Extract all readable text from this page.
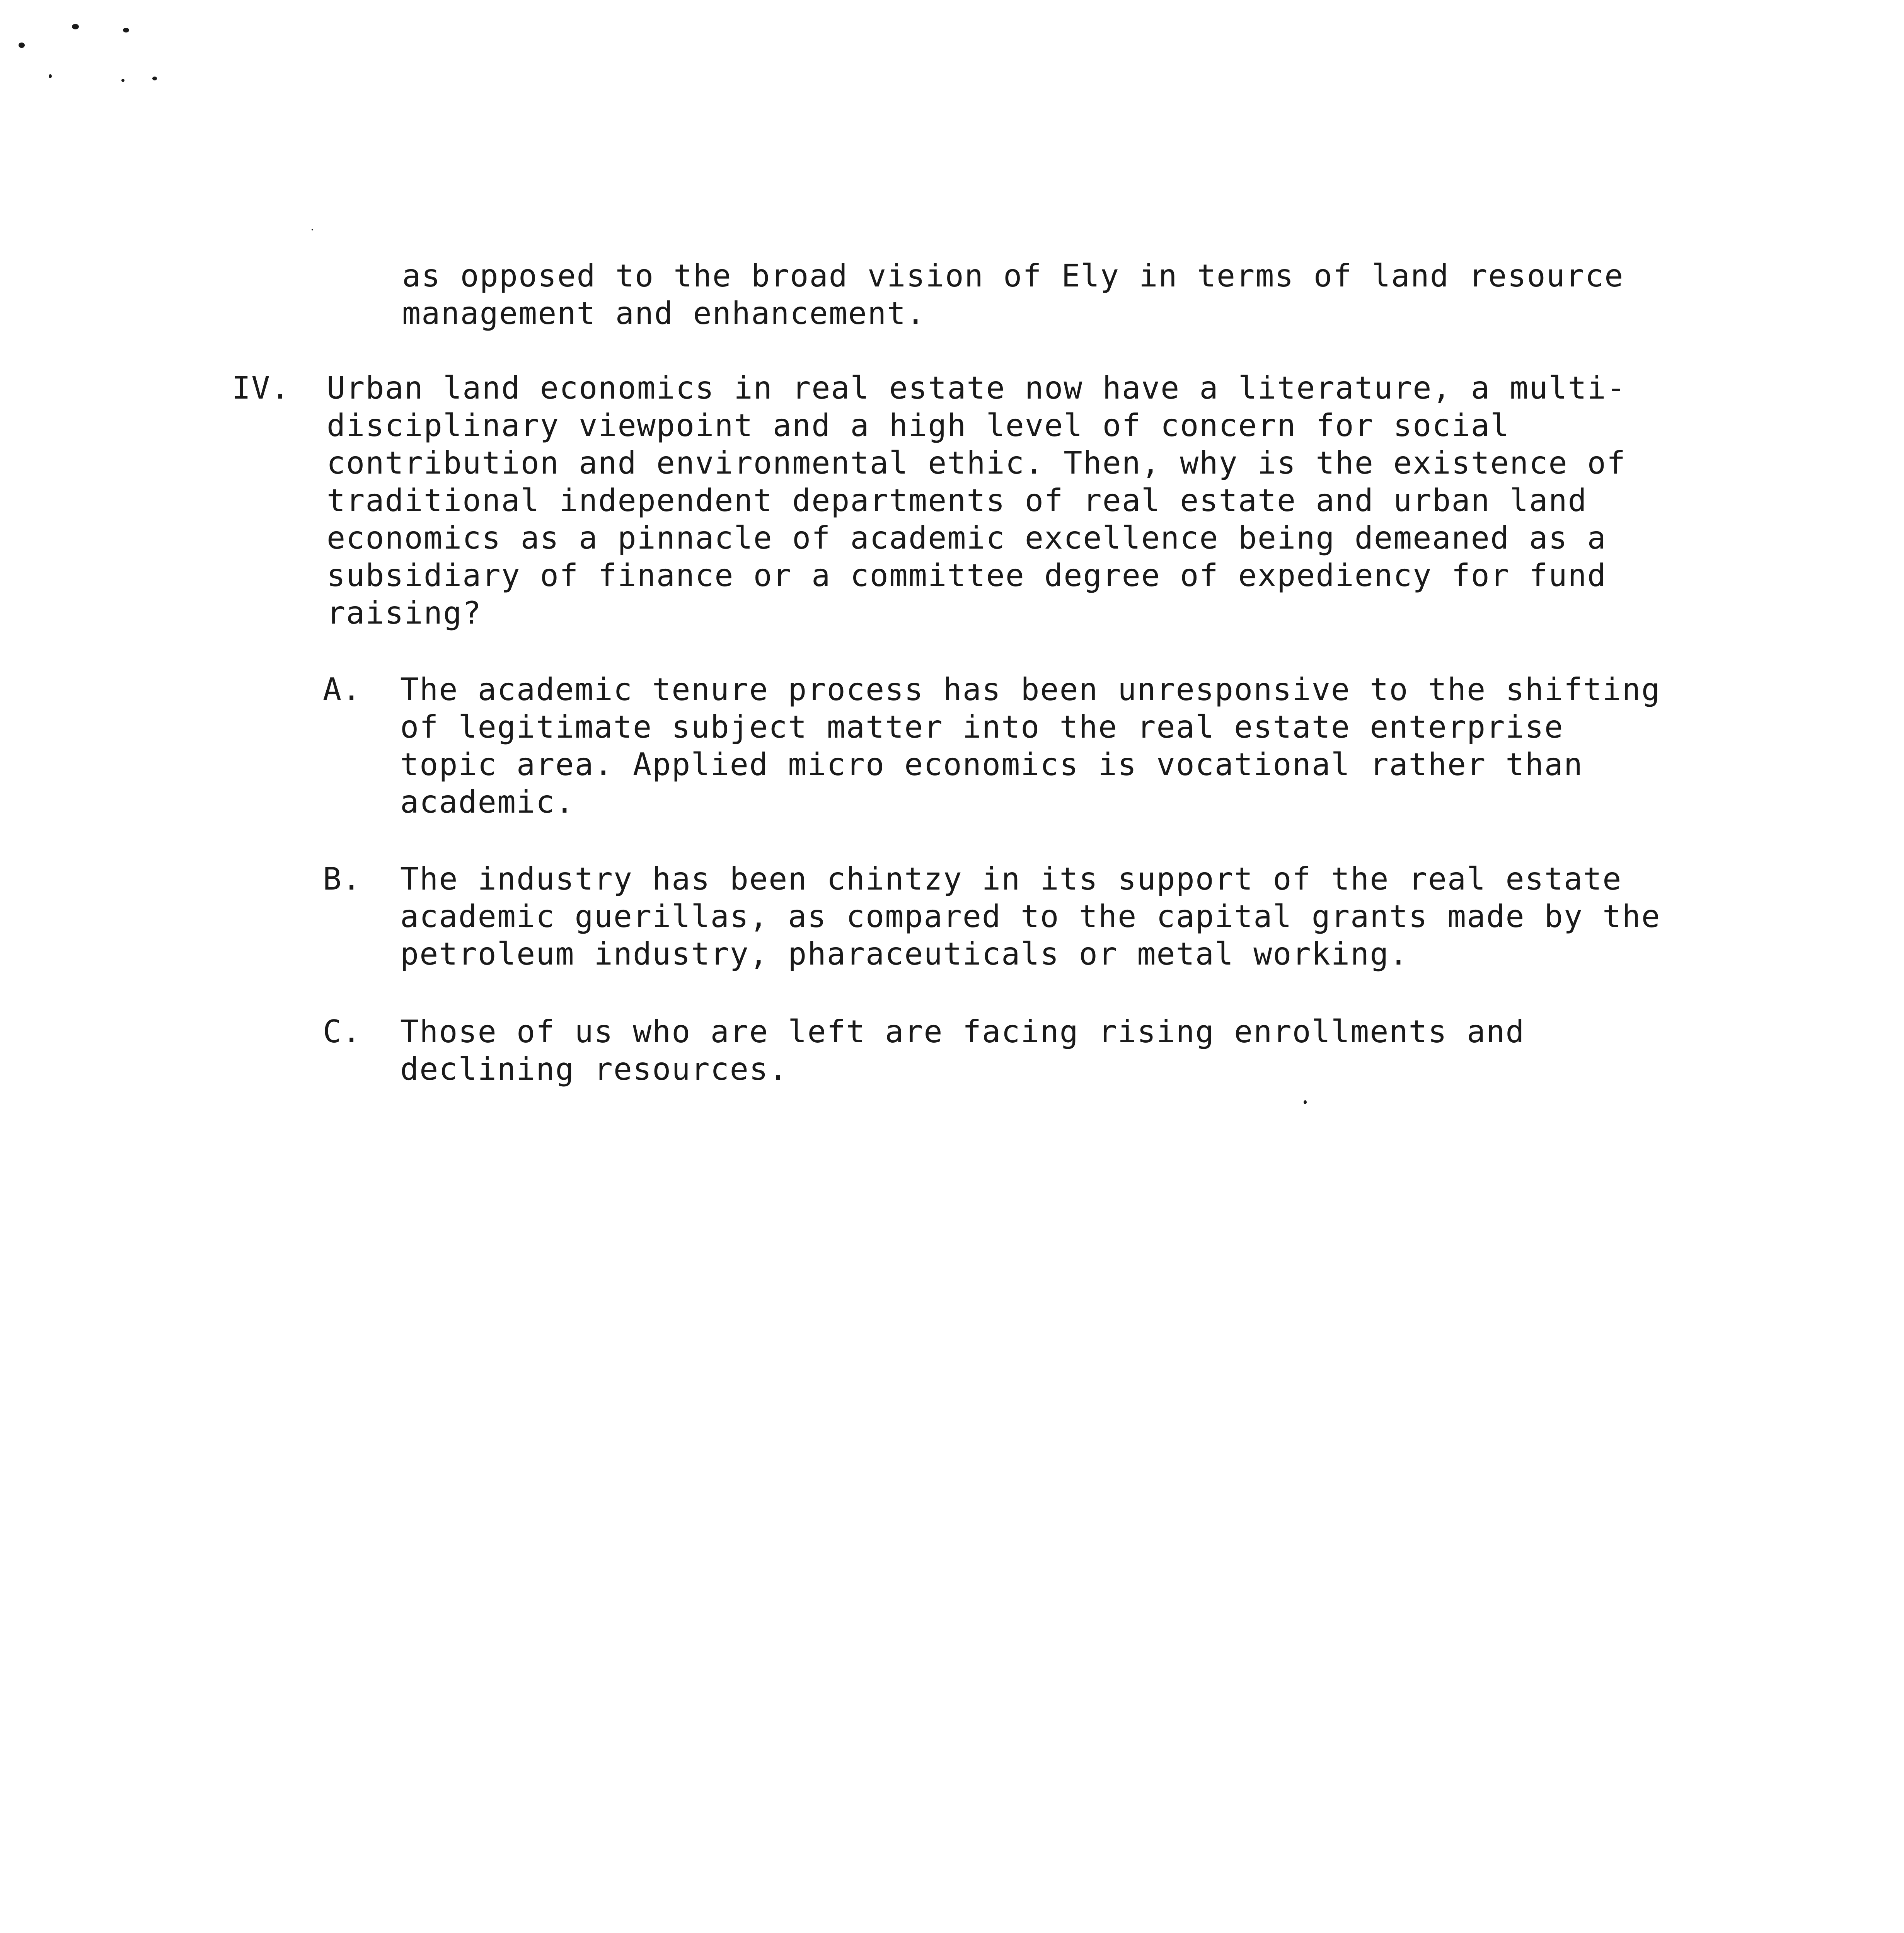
as opposed to the broad vision of Ely in terms of land resource
management and enhancement.

IV. Urban land economics in real estate now have a literature, a multi-
disciplinary viewpoint and a high level of concern for social
contribution and environmental ethic. Then, why is the existence of
traditional independent departments of real estate and urban land
economics as a pinnacle of academic excellence being demeaned as a
subsidiary of finance or a committee degree of expediency for fund
raising?

A. The academic tenure process has been unresponsive to the shifting
of legitimate subject matter into the real estate enterprise
topic area. Applied micro economics is vocational rather than
academic.

B. The industry has been chintzy in its support of the real estate
academic guerillas, as compared to the capital grants made by the
petroleum industry, pharaceuticals or metal working.

C. Those of us who are left are facing rising enrollments and
declining resources.
